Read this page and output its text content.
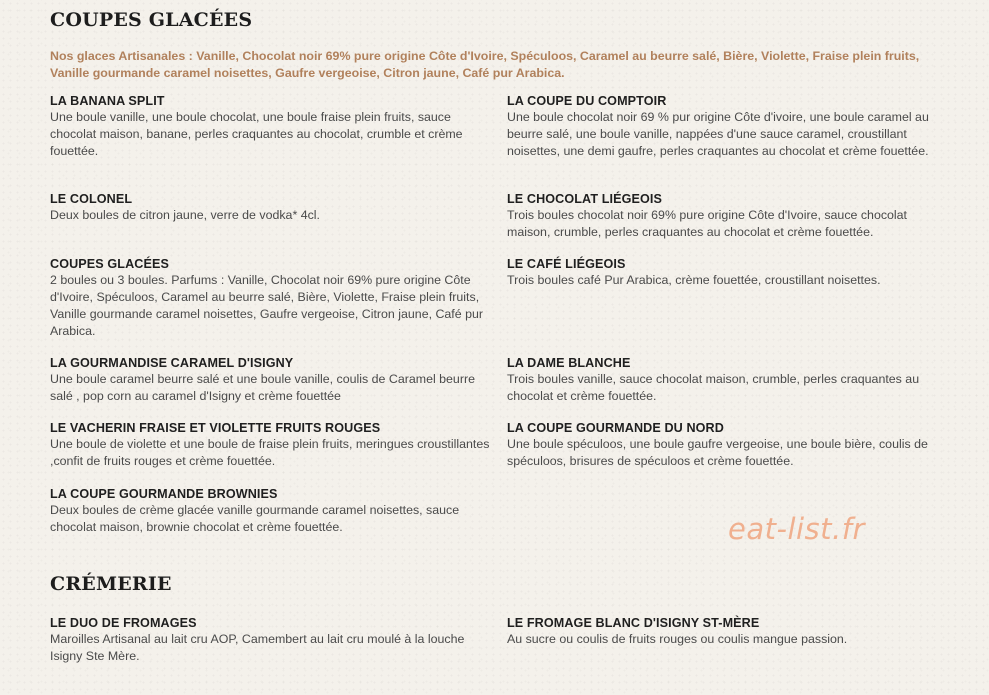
COUPES GLACÉES

Nos glaces Artisanales : Vanille, Chocolat noir 69% pure origine Côte d'Ivoire, Spéculoos, Caramel au beurre salé, Bière, Violette, Fraise plein fruits, Vanille gourmande caramel noisettes, Gaufre vergeoise, Citron jaune, Café pur Arabica.

LA BANANA SPLIT

Une boule vanille, une boule chocolat, une boule fraise plein fruits, sauce chocolat maison, banane, perles craquantes au chocolat, crumble et crème fouettée.

LA COUPE DU COMPTOIR

Une boule chocolat noir 69 % pur origine Côte d'ivoire, une boule caramel au beurre salé, une boule vanille, nappées d'une sauce caramel, croustillant noisettes, une demi gaufre, perles craquantes au chocolat et crème fouettée.

LE COLONEL

Deux boules de citron jaune, verre de vodka* 4cl.

LE CHOCOLAT LIÉGEOIS

Trois boules chocolat noir 69% pure origine Côte d'Ivoire, sauce chocolat maison, crumble, perles craquantes au chocolat et crème fouettée.

COUPES GLACÉES

2 boules ou 3 boules. Parfums : Vanille, Chocolat noir 69% pure origine Côte d'Ivoire, Spéculoos, Caramel au beurre salé, Bière, Violette, Fraise plein fruits, Vanille gourmande caramel noisettes, Gaufre vergeoise, Citron jaune, Café pur Arabica.

LE CAFÉ LIÉGEOIS

Trois boules café Pur Arabica, crème fouettée, croustillant noisettes.

LA GOURMANDISE CARAMEL D'ISIGNY

Une boule caramel beurre salé et une boule vanille, coulis de Caramel beurre salé , pop corn au caramel d'Isigny et crème fouettée

LA DAME BLANCHE

Trois boules vanille, sauce chocolat maison, crumble, perles craquantes au chocolat et crème fouettée.

LE VACHERIN FRAISE ET VIOLETTE FRUITS ROUGES

Une boule de violette et une boule de fraise plein fruits, meringues croustillantes ,confit de fruits rouges et crème fouettée.

LA COUPE GOURMANDE DU NORD

Une boule spéculoos, une boule gaufre vergeoise, une boule bière, coulis de spéculoos, brisures de spéculoos et crème fouettée.

LA COUPE GOURMANDE BROWNIES

Deux boules de crème glacée vanille gourmande caramel noisettes, sauce chocolat maison, brownie chocolat et crème fouettée.	eat-list.fr
CRÉMERIE
LE DUO DE FROMAGES

Maroilles Artisanal au lait cru AOP, Camembert au lait cru moulé à la louche Isigny Ste Mère.

LE FROMAGE BLANC D'ISIGNY ST-MÈRE

Au sucre ou coulis de fruits rouges ou coulis mangue passion.
